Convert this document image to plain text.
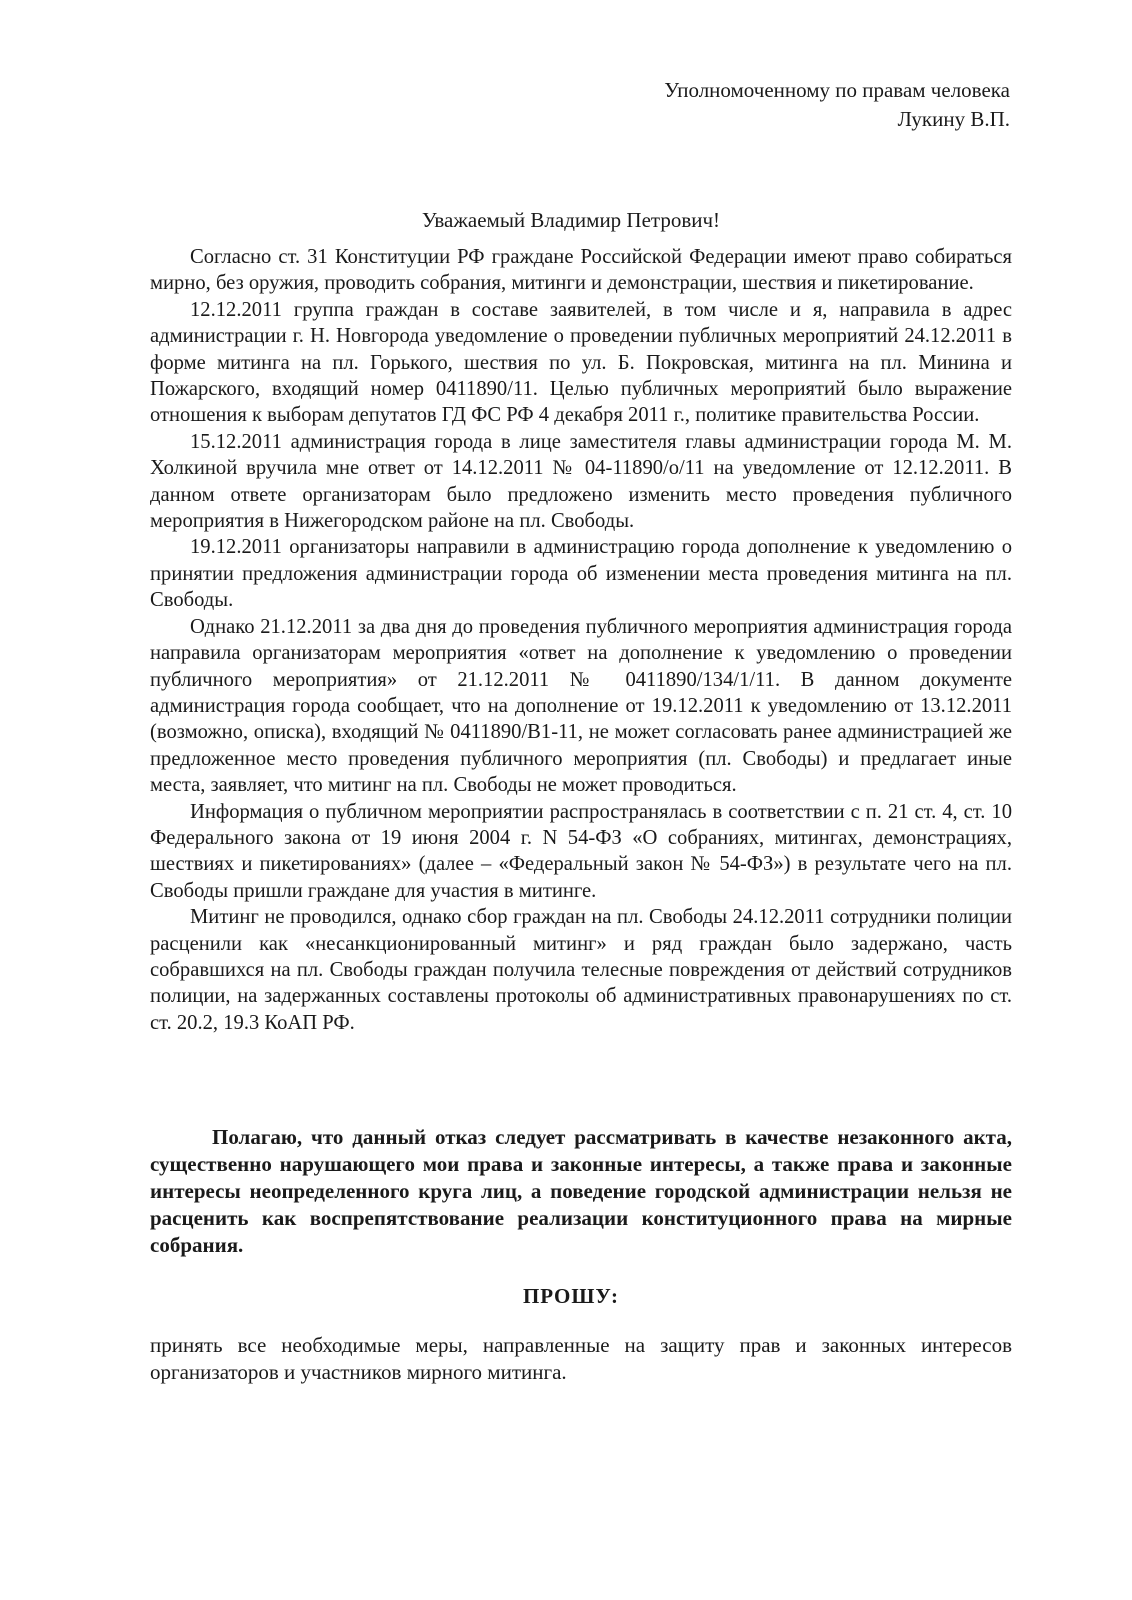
Уполномоченному по правам человека
Лукину В.П.
Уважаемый Владимир Петрович!

Согласно ст. 31 Конституции РФ граждане Российской Федерации имеют право собираться мирно, без оружия, проводить собрания, митинги и демонстрации, шествия и пикетирование.

12.12.2011 группа граждан в составе заявителей, в том числе и я, направила в адрес администрации г. Н. Новгорода уведомление о проведении публичных мероприятий 24.12.2011 в форме митинга на пл. Горького, шествия по ул. Б. Покровская, митинга на пл. Минина и Пожарского, входящий номер 0411890/11. Целью публичных мероприятий было выражение отношения к выборам депутатов ГД ФС РФ 4 декабря 2011 г., политике правительства России.

15.12.2011 администрация города в лице заместителя главы администрации города М. М. Холкиной вручила мне ответ от 14.12.2011 № 04-11890/о/11 на уведомление от 12.12.2011. В данном ответе организаторам было предложено изменить место проведения публичного мероприятия в Нижегородском районе на пл. Свободы.

19.12.2011 организаторы направили в администрацию города дополнение к уведомлению о принятии предложения администрации города об изменении места проведения митинга на пл. Свободы.

Однако 21.12.2011 за два дня до проведения публичного мероприятия администрация города направила организаторам мероприятия «ответ на дополнение к уведомлению о проведении публичного мероприятия» от 21.12.2011 № 0411890/134/1/11. В данном документе администрация города сообщает, что на дополнение от 19.12.2011 к уведомлению от 13.12.2011 (возможно, описка), входящий № 0411890/В1-11, не может согласовать ранее администрацией же предложенное место проведения публичного мероприятия (пл. Свободы) и предлагает иные места, заявляет, что митинг на пл. Свободы не может проводиться.

Информация о публичном мероприятии распространялась в соответствии с п. 21 ст. 4, ст. 10 Федерального закона от 19 июня 2004 г. N 54-ФЗ «О собраниях, митингах, демонстрациях, шествиях и пикетированиях» (далее – «Федеральный закон № 54-ФЗ») в результате чего на пл. Свободы пришли граждане для участия в митинге.

Митинг не проводился, однако сбор граждан на пл. Свободы 24.12.2011 сотрудники полиции расценили как «несанкционированный митинг» и ряд граждан было задержано, часть собравшихся на пл. Свободы граждан получила телесные повреждения от действий сотрудников полиции, на задержанных составлены протоколы об административных правонарушениях по ст. ст. 20.2, 19.3 КоАП РФ.

Полагаю, что данный отказ следует рассматривать в качестве незаконного акта, существенно нарушающего мои права и законные интересы, а также права и законные интересы неопределенного круга лиц, а поведение городской администрации нельзя не расценить как воспрепятствование реализации конституционного права на мирные собрания.

ПРОШУ:

принять все необходимые меры, направленные на защиту прав и законных интересов организаторов и участников мирного митинга.
